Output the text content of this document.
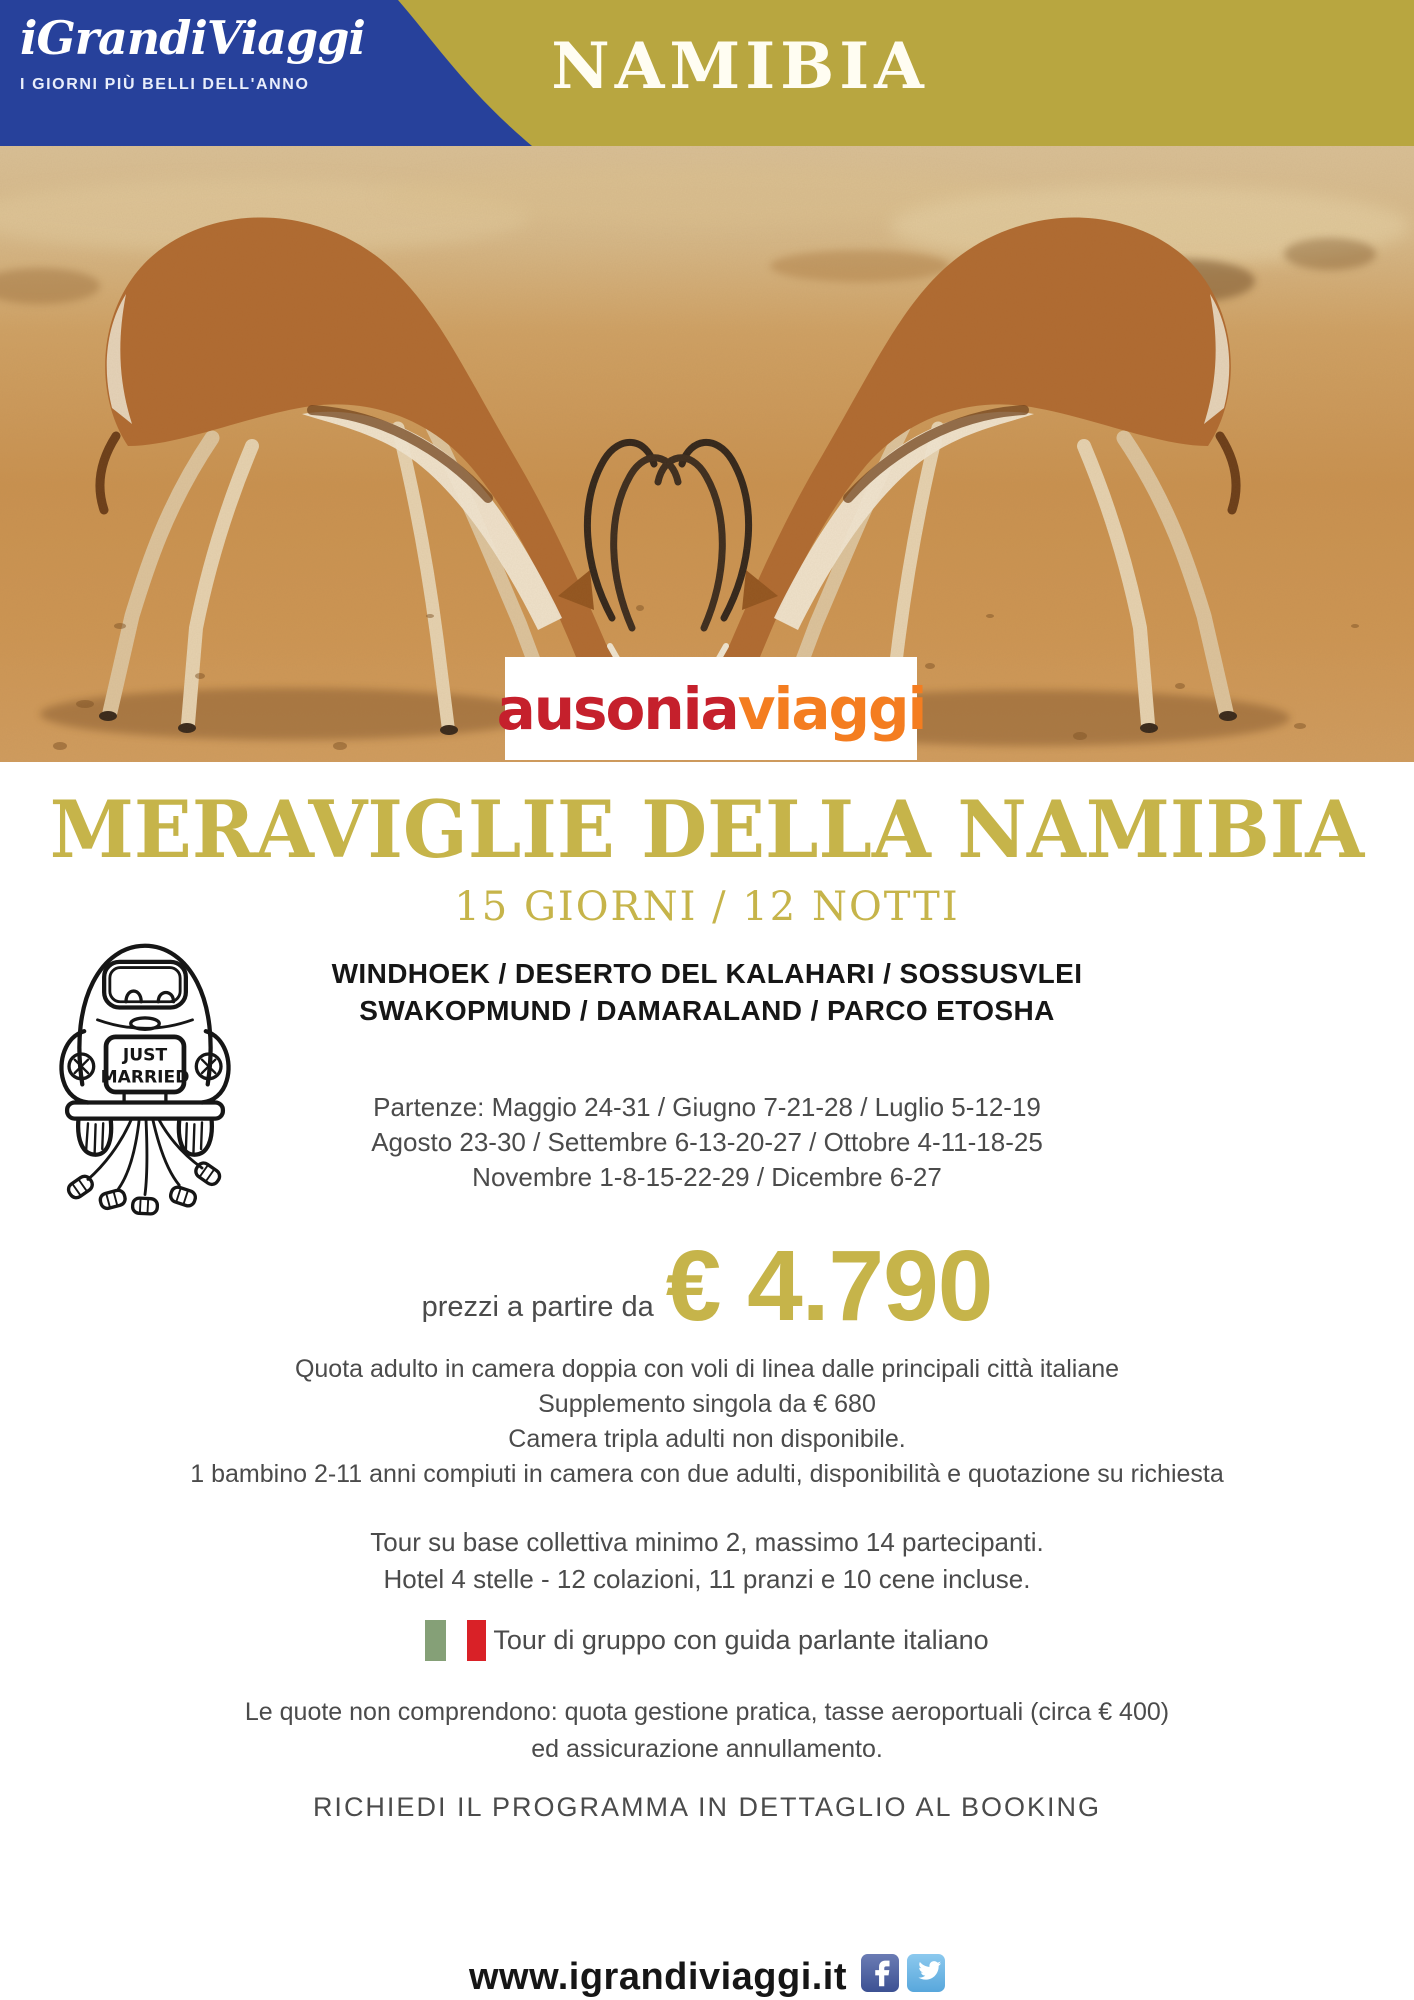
iGrandiViaggi
I GIORNI PIÙ BELLI DELL'ANNO	NAMIBIA
ausoniaviaggi
MERAVIGLIE DELLA NAMIBIA
15 GIORNI / 12 NOTTI
JUST
MARRIED
WINDHOEK / DESERTO DEL KALAHARI / SOSSUSVLEI
SWAKOPMUND / DAMARALAND / PARCO ETOSHA
Partenze: Maggio 24-31 / Giugno 7-21-28 / Luglio 5-12-19
Agosto 23-30 / Settembre 6-13-20-27 / Ottobre 4-11-18-25
Novembre 1-8-15-22-29 / Dicembre 6-27
prezzi a partire da € 4.790
Quota adulto in camera doppia con voli di linea dalle principali città italiane
Supplemento singola da € 680
Camera tripla adulti non disponibile.
1 bambino 2-11 anni compiuti in camera con due adulti, disponibilità e quotazione su richiesta
Tour su base collettiva minimo 2, massimo 14 partecipanti.
Hotel 4 stelle - 12 colazioni, 11 pranzi e 10 cene incluse.
Tour di gruppo con guida parlante italiano
Le quote non comprendono: quota gestione pratica, tasse aeroportuali (circa € 400)
ed assicurazione annullamento.
RICHIEDI IL PROGRAMMA IN DETTAGLIO AL BOOKING
www.igrandiviaggi.it
